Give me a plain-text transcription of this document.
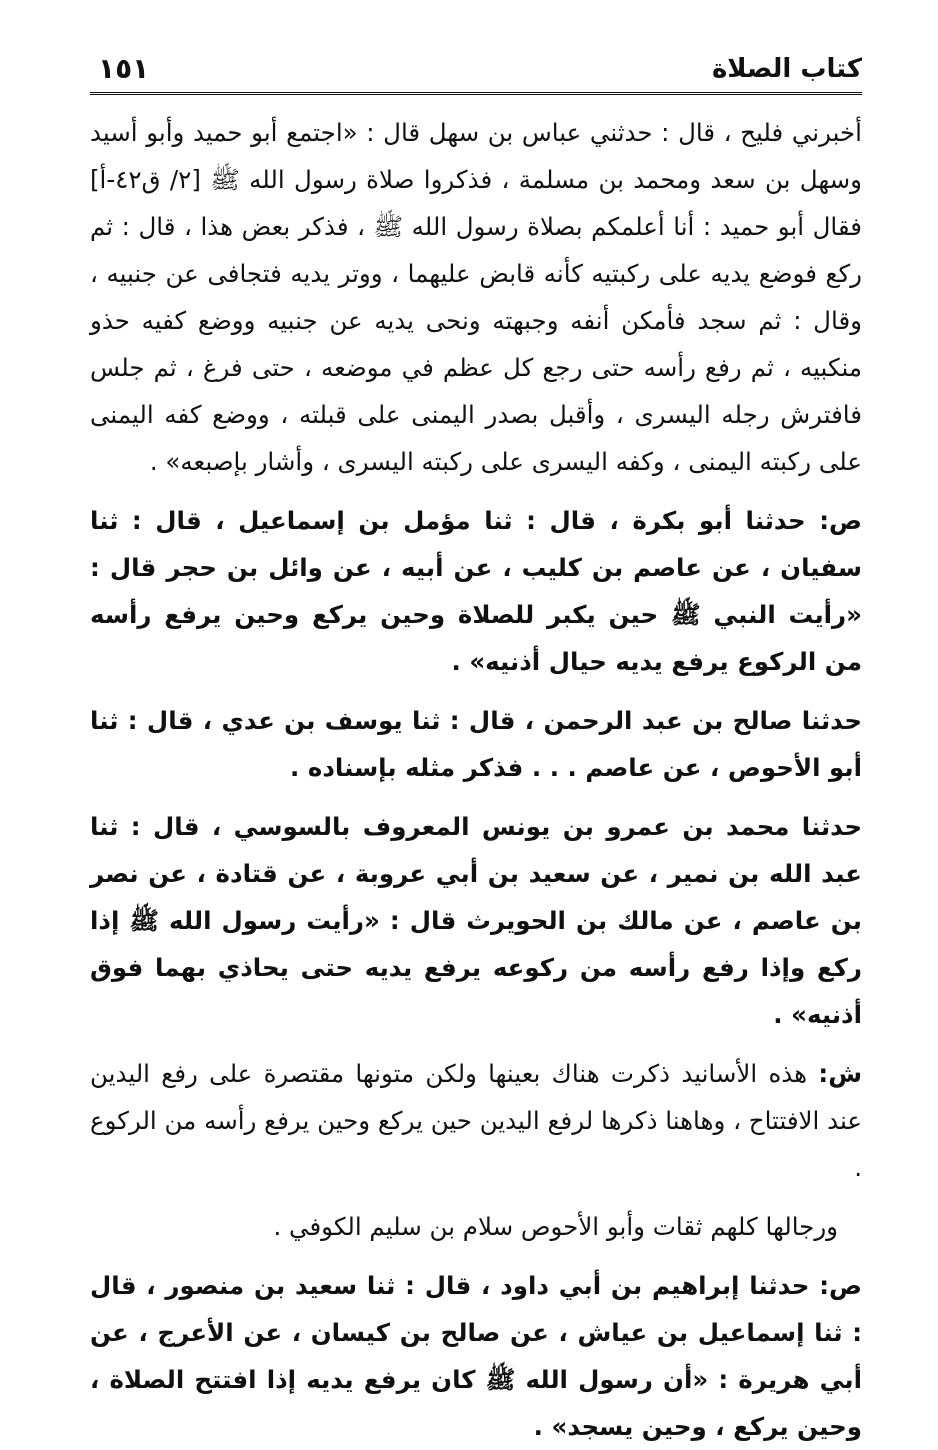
كتاب الصلاة
١٥١

أخبرني فليح ، قال : حدثني عباس بن سهل قال : «اجتمع أبو حميد وأبو أسيد وسهل بن سعد ومحمد بن مسلمة ، فذكروا صلاة رسول الله ﷺ [٢/ ق٤٢-أ] فقال أبو حميد : أنا أعلمكم بصلاة رسول الله ﷺ ، فذكر بعض هذا ، قال : ثم ركع فوضع يديه على ركبتيه كأنه قابض عليهما ، ووتر يديه فتجافى عن جنبيه ، وقال : ثم سجد فأمكن أنفه وجبهته ونحى يديه عن جنبيه ووضع كفيه حذو منكبيه ، ثم رفع رأسه حتى رجع كل عظم في موضعه ، حتى فرغ ، ثم جلس فافترش رجله اليسرى ، وأقبل بصدر اليمنى على قبلته ، ووضع كفه اليمنى على ركبته اليمنى ، وكفه اليسرى على ركبته اليسرى ، وأشار بإصبعه» .

ص: حدثنا أبو بكرة ، قال : ثنا مؤمل بن إسماعيل ، قال : ثنا سفيان ، عن عاصم بن كليب ، عن أبيه ، عن وائل بن حجر قال : «رأيت النبي ﷺ حين يكبر للصلاة وحين يركع وحين يرفع رأسه من الركوع يرفع يديه حيال أذنيه» .

حدثنا صالح بن عبد الرحمن ، قال : ثنا يوسف بن عدي ، قال : ثنا أبو الأحوص ، عن عاصم . . . فذكر مثله بإسناده .

حدثنا محمد بن عمرو بن يونس المعروف بالسوسي ، قال : ثنا عبد الله بن نمير ، عن سعيد بن أبي عروبة ، عن قتادة ، عن نصر بن عاصم ، عن مالك بن الحويرث قال : «رأيت رسول الله ﷺ إذا ركع وإذا رفع رأسه من ركوعه يرفع يديه حتى يحاذي بهما فوق أذنيه» .

ش: هذه الأسانيد ذكرت هناك بعينها ولكن متونها مقتصرة على رفع اليدين عند الافتتاح ، وهاهنا ذكرها لرفع اليدين حين يركع وحين يرفع رأسه من الركوع .

ورجالها كلهم ثقات وأبو الأحوص سلام بن سليم الكوفي .

ص: حدثنا إبراهيم بن أبي داود ، قال : ثنا سعيد بن منصور ، قال : ثنا إسماعيل بن عياش ، عن صالح بن كيسان ، عن الأعرج ، عن أبي هريرة : «أن رسول الله ﷺ كان يرفع يديه إذا افتتح الصلاة ، وحين يركع ، وحين يسجد» .
